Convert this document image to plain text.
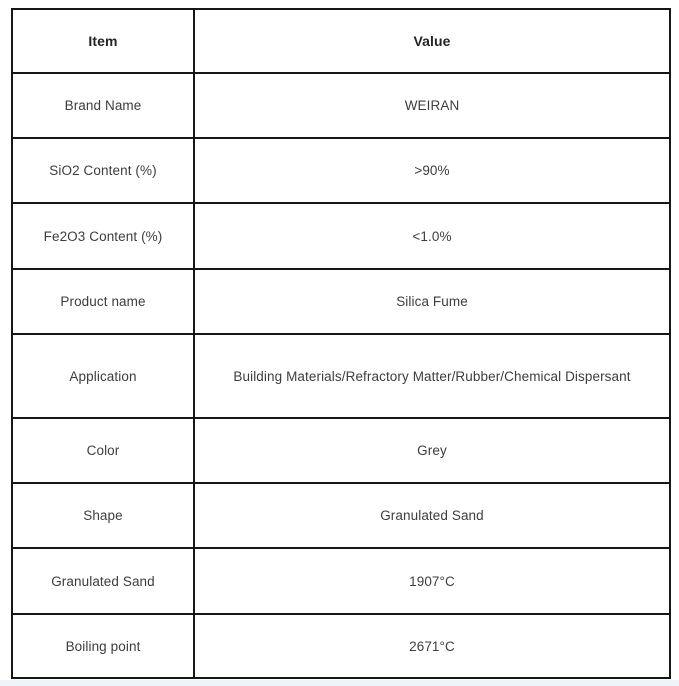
Item	Value
Brand Name	WEIRAN
SiO2 Content (%)	>90%
Fe2O3 Content (%)	<1.0%
Product name	Silica Fume
Application	Building Materials/Refractory Matter/Rubber/Chemical Dispersant
Color	Grey
Shape	Granulated Sand
Granulated Sand	1907°C
Boiling point	2671°C
